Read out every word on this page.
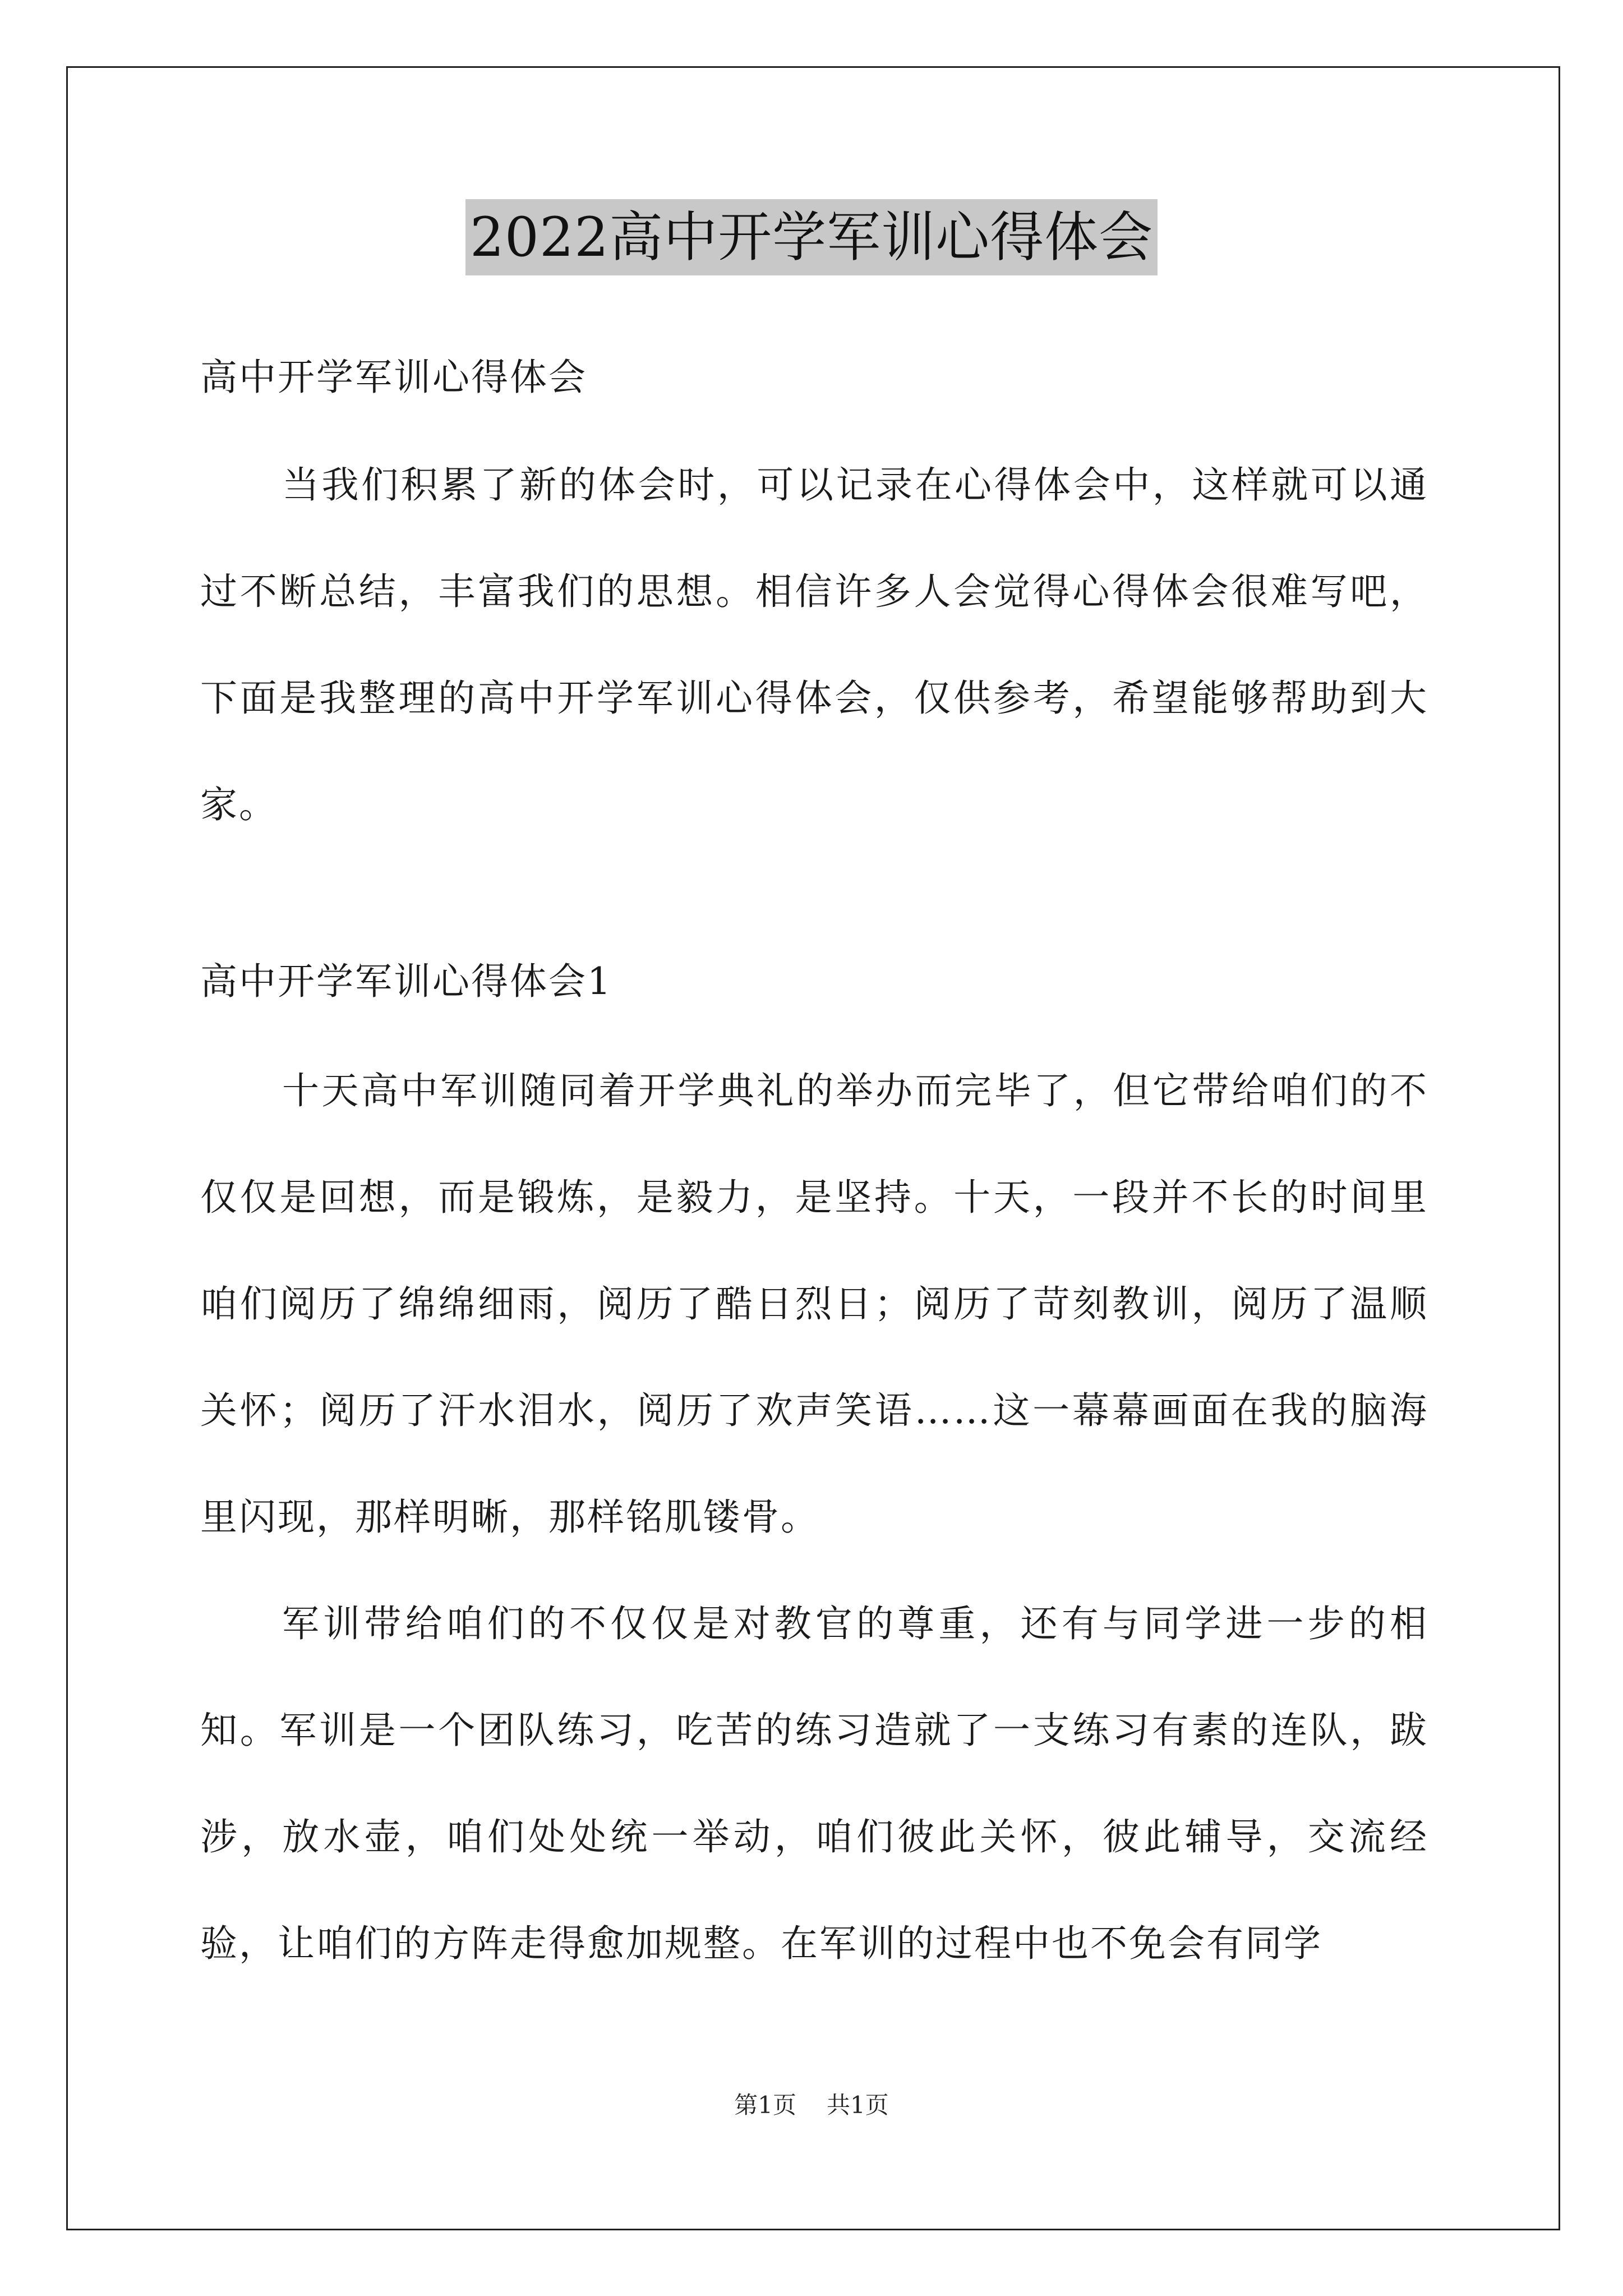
2022高中开学军训心得体会

高中开学军训心得体会

当我们积累了新的体会时，可以记录在心得体会中，这样就可以通过不断总结，丰富我们的思想。相信许多人会觉得心得体会很难写吧，下面是我整理的高中开学军训心得体会，仅供参考，希望能够帮助到大家。

高中开学军训心得体会1

十天高中军训随同着开学典礼的举办而完毕了，但它带给咱们的不仅仅是回想，而是锻炼，是毅力，是坚持。十天，一段并不长的时间里咱们阅历了绵绵细雨，阅历了酷日烈日；阅历了苛刻教训，阅历了温顺关怀；阅历了汗水泪水，阅历了欢声笑语……这一幕幕画面在我的脑海里闪现，那样明晰，那样铭肌镂骨。

军训带给咱们的不仅仅是对教官的尊重，还有与同学进一步的相知。军训是一个团队练习，吃苦的练习造就了一支练习有素的连队，跋涉，放水壶，咱们处处统一举动，咱们彼此关怀，彼此辅导，交流经验，让咱们的方阵走得愈加规整。在军训的过程中也不免会有同学

第1页 共1页
